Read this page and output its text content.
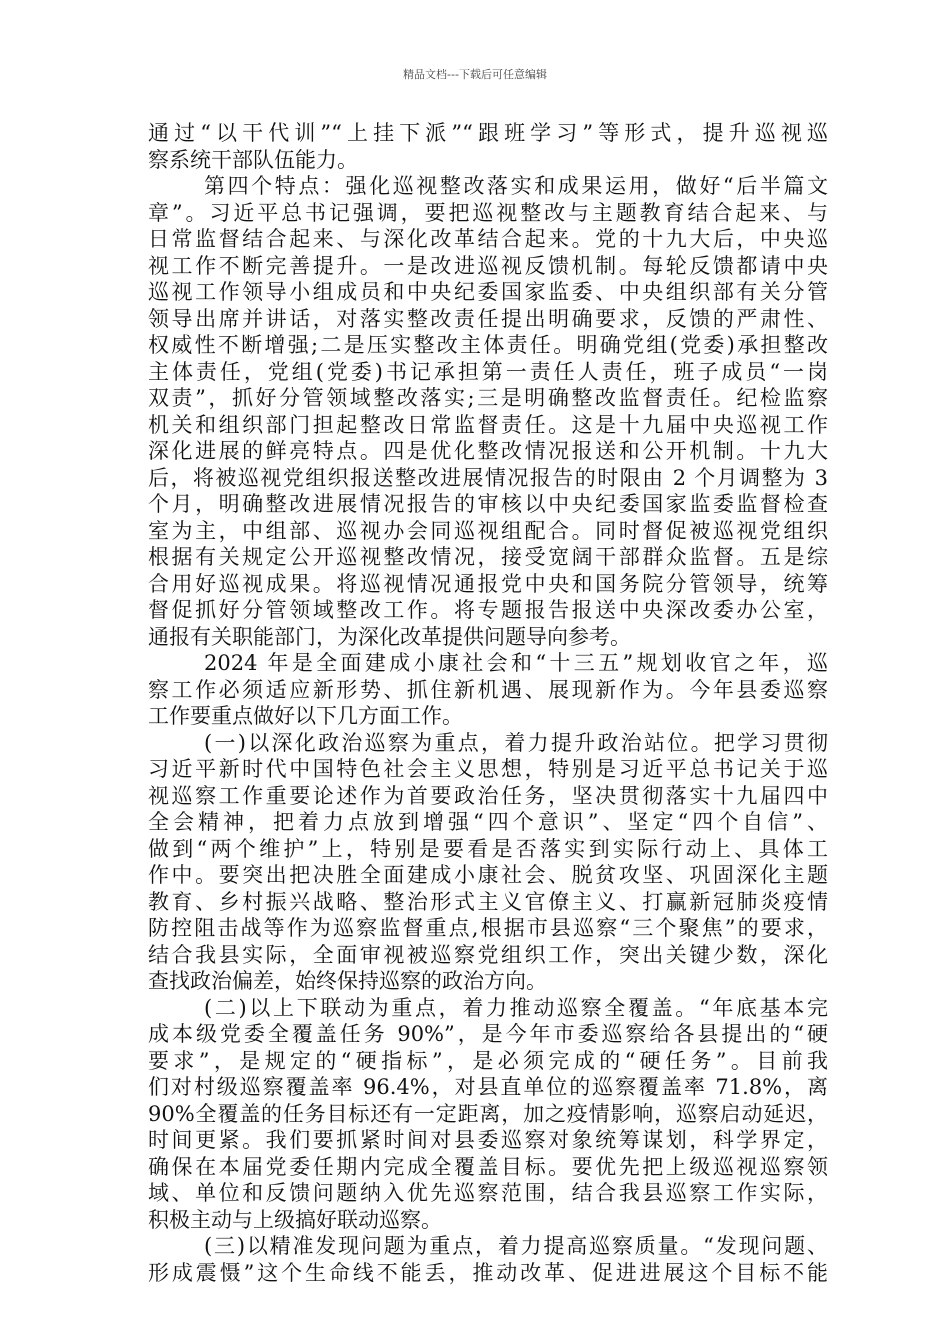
精品文档---下载后可任意编辑
通过“以干代训”“上挂下派”“跟班学习”等形式，提升巡视巡
察系统干部队伍能力。
第四个特点：强化巡视整改落实和成果运用，做好“后半篇文
章”。习近平总书记强调，要把巡视整改与主题教育结合起来、与
日常监督结合起来、与深化改革结合起来。党的十九大后，中央巡
视工作不断完善提升。一是改进巡视反馈机制。每轮反馈都请中央
巡视工作领导小组成员和中央纪委国家监委、中央组织部有关分管
领导出席并讲话，对落实整改责任提出明确要求，反馈的严肃性、
权威性不断增强;二是压实整改主体责任。明确党组(党委)承担整改
主体责任，党组(党委)书记承担第一责任人责任，班子成员“一岗
双责”，抓好分管领域整改落实;三是明确整改监督责任。纪检监察
机关和组织部门担起整改日常监督责任。这是十九届中央巡视工作
深化进展的鲜亮特点。四是优化整改情况报送和公开机制。十九大
后，将被巡视党组织报送整改进展情况报告的时限由 2 个月调整为 3
个月，明确整改进展情况报告的审核以中央纪委国家监委监督检查
室为主，中组部、巡视办会同巡视组配合。同时督促被巡视党组织
根据有关规定公开巡视整改情况，接受宽阔干部群众监督。五是综
合用好巡视成果。将巡视情况通报党中央和国务院分管领导，统筹
督促抓好分管领域整改工作。将专题报告报送中央深改委办公室，
通报有关职能部门，为深化改革提供问题导向参考。
2024 年是全面建成小康社会和“十三五”规划收官之年，巡
察工作必须适应新形势、抓住新机遇、展现新作为。今年县委巡察
工作要重点做好以下几方面工作。
(一)以深化政治巡察为重点，着力提升政治站位。把学习贯彻
习近平新时代中国特色社会主义思想，特别是习近平总书记关于巡
视巡察工作重要论述作为首要政治任务，坚决贯彻落实十九届四中
全会精神，把着力点放到增强“四个意识”、坚定“四个自信”、
做到“两个维护”上，特别是要看是否落实到实际行动上、具体工
作中。要突出把决胜全面建成小康社会、脱贫攻坚、巩固深化主题
教育、乡村振兴战略、整治形式主义官僚主义、打赢新冠肺炎疫情
防控阻击战等作为巡察监督重点,根据市县巡察“三个聚焦”的要求，
结合我县实际，全面审视被巡察党组织工作，突出关键少数，深化
查找政治偏差，始终保持巡察的政治方向。
(二)以上下联动为重点，着力推动巡察全覆盖。“年底基本完
成本级党委全覆盖任务 90%”，是今年市委巡察给各县提出的“硬
要求”，是规定的“硬指标”，是必须完成的“硬任务”。目前我
们对村级巡察覆盖率 96.4%，对县直单位的巡察覆盖率 71.8%，离
90%全覆盖的任务目标还有一定距离，加之疫情影响，巡察启动延迟，
时间更紧。我们要抓紧时间对县委巡察对象统筹谋划，科学界定，
确保在本届党委任期内完成全覆盖目标。要优先把上级巡视巡察领
域、单位和反馈问题纳入优先巡察范围，结合我县巡察工作实际，
积极主动与上级搞好联动巡察。
(三)以精准发现问题为重点，着力提高巡察质量。“发现问题、
形成震慑”这个生命线不能丢，推动改革、促进进展这个目标不能
